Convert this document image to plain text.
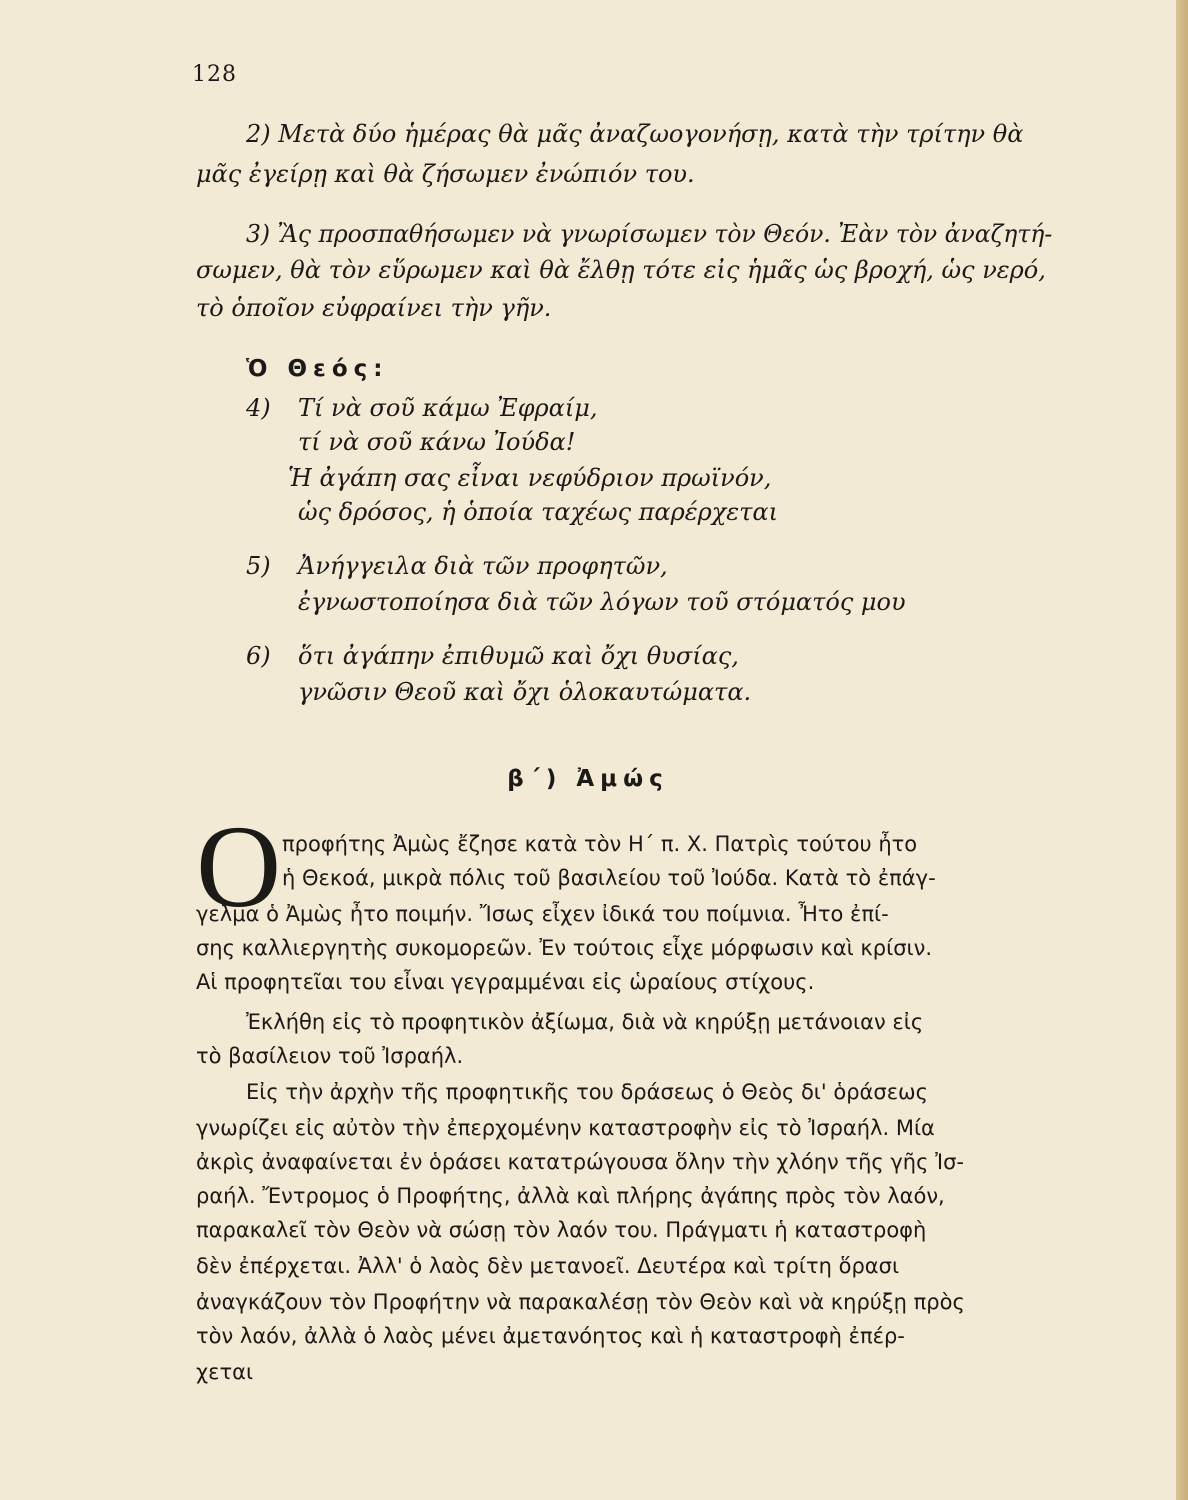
128
2) Μετὰ δύο ἡμέρας θὰ μᾶς ἀναζωογονήσῃ, κατὰ τὴν τρίτην θὰ
μᾶς ἐγείρῃ καὶ θὰ ζήσωμεν ἐνώπιόν του.
3) Ἂς προσπαθήσωμεν νὰ γνωρίσωμεν τὸν Θεόν. Ἐὰν τὸν ἀναζητή-
σωμεν, θὰ τὸν εὕρωμεν καὶ θὰ ἔλθῃ τότε εἰς ἡμᾶς ὡς βροχή, ὡς νερό,
τὸ ὁποῖον εὐφραίνει τὴν γῆν.
Ὁ Θεός:
4) Τί νὰ σοῦ κάμω Ἐφραίμ,
τί νὰ σοῦ κάνω Ἰούδα!
Ἡ ἀγάπη σας εἶναι νεφύδριον πρωϊνόν,
ὡς δρόσος, ἡ ὁποία ταχέως παρέρχεται
5) Ἀνήγγειλα διὰ τῶν προφητῶν,
ἐγνωστοποίησα διὰ τῶν λόγων τοῦ στόματός μου
6) ὅτι ἀγάπην ἐπιθυμῶ καὶ ὄχι θυσίας,
γνῶσιν Θεοῦ καὶ ὄχι ὁλοκαυτώματα.
β΄) Ἀμώς
Ο προφήτης Ἀμὼς ἔζησε κατὰ τὸν Η΄ π. Χ. Πατρὶς τούτου ἦτο
ἡ Θεκοά, μικρὰ πόλις τοῦ βασιλείου τοῦ Ἰούδα. Κατὰ τὸ ἐπάγ-
γελμα ὁ Ἀμὼς ἦτο ποιμήν. Ἴσως εἶχεν ἰδικά του ποίμνια. Ἦτο ἐπί-
σης καλλιεργητὴς συκομορεῶν. Ἐν τούτοις εἶχε μόρφωσιν καὶ κρίσιν.
Αἱ προφητεῖαι του εἶναι γεγραμμέναι εἰς ὡραίους στίχους.
Ἐκλήθη εἰς τὸ προφητικὸν ἀξίωμα, διὰ νὰ κηρύξῃ μετάνοιαν εἰς
τὸ βασίλειον τοῦ Ἰσραήλ.
Εἰς τὴν ἀρχὴν τῆς προφητικῆς του δράσεως ὁ Θεὸς δι' ὁράσεως
γνωρίζει εἰς αὐτὸν τὴν ἐπερχομένην καταστροφὴν εἰς τὸ Ἰσραήλ. Μία
ἀκρὶς ἀναφαίνεται ἐν ὁράσει κατατρώγουσα ὅλην τὴν χλόην τῆς γῆς Ἰσ-
ραήλ. Ἔντρομος ὁ Προφήτης, ἀλλὰ καὶ πλήρης ἀγάπης πρὸς τὸν λαόν,
παρακαλεῖ τὸν Θεὸν νὰ σώσῃ τὸν λαόν του. Πράγματι ἡ καταστροφὴ
δὲν ἐπέρχεται. Ἀλλ' ὁ λαὸς δὲν μετανοεῖ. Δευτέρα καὶ τρίτη ὅρασι
ἀναγκάζουν τὸν Προφήτην νὰ παρακαλέσῃ τὸν Θεὸν καὶ νὰ κηρύξῃ πρὸς
τὸν λαόν, ἀλλὰ ὁ λαὸς μένει ἀμετανόητος καὶ ἡ καταστροφὴ ἐπέρ-
χεται
